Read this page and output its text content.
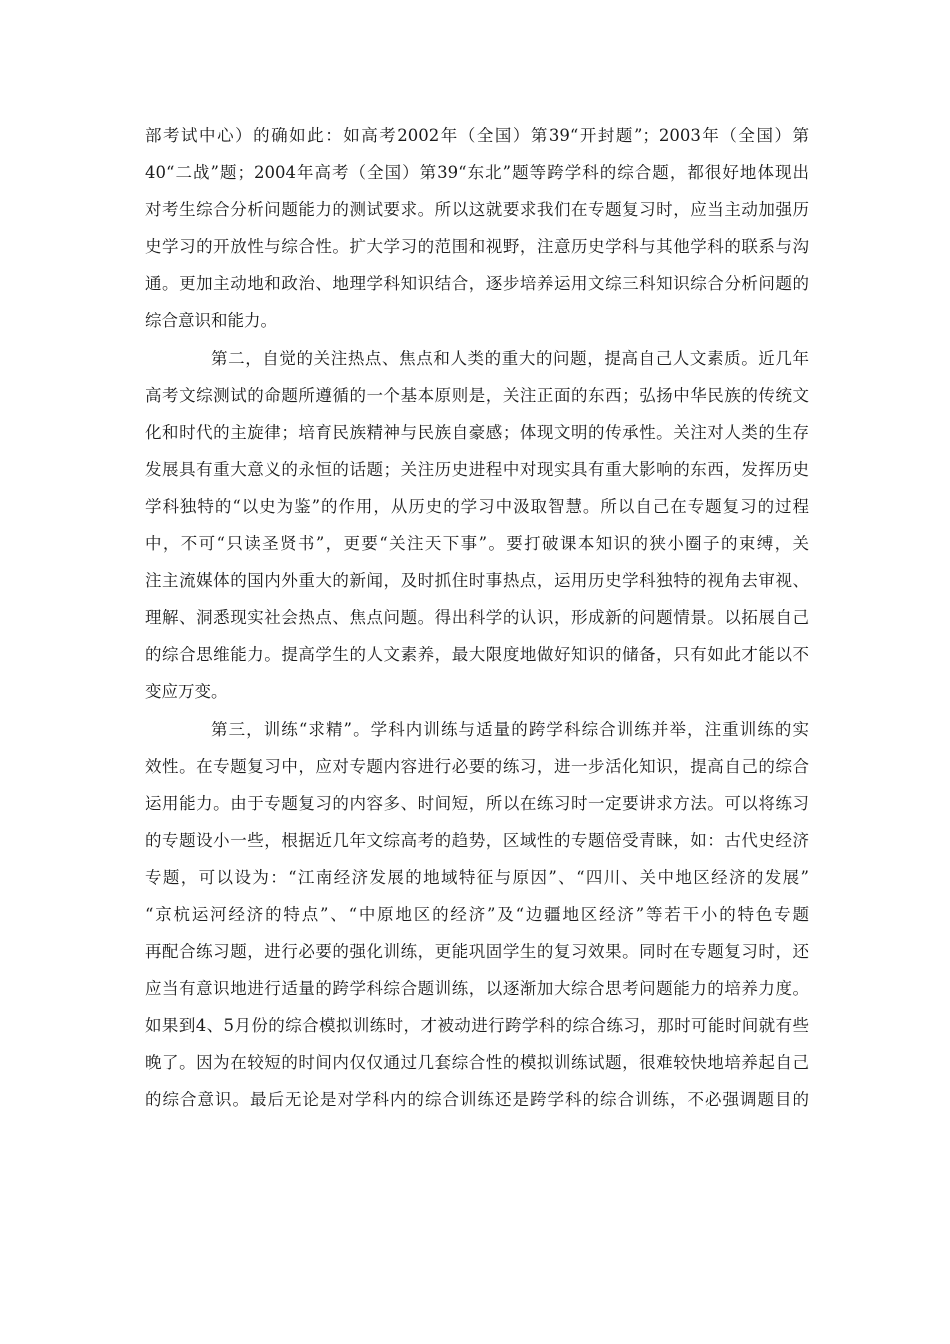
部考试中心）的确如此：如高考2002年（全国）第39“开封题”；2003年（全国）第
40“二战”题；2004年高考（全国）第39“东北”题等跨学科的综合题，都很好地体现出
对考生综合分析问题能力的测试要求。所以这就要求我们在专题复习时，应当主动加强历
史学习的开放性与综合性。扩大学习的范围和视野，注意历史学科与其他学科的联系与沟
通。更加主动地和政治、地理学科知识结合，逐步培养运用文综三科知识综合分析问题的
综合意识和能力。
第二，自觉的关注热点、焦点和人类的重大的问题，提高自己人文素质。近几年
高考文综测试的命题所遵循的一个基本原则是，关注正面的东西；弘扬中华民族的传统文
化和时代的主旋律；培育民族精神与民族自豪感；体现文明的传承性。关注对人类的生存
发展具有重大意义的永恒的话题；关注历史进程中对现实具有重大影响的东西，发挥历史
学科独特的“以史为鉴”的作用，从历史的学习中汲取智慧。所以自己在专题复习的过程
中，不可“只读圣贤书”，更要“关注天下事”。要打破课本知识的狭小圈子的束缚，关
注主流媒体的国内外重大的新闻，及时抓住时事热点，运用历史学科独特的视角去审视、
理解、洞悉现实社会热点、焦点问题。得出科学的认识，形成新的问题情景。以拓展自己
的综合思维能力。提高学生的人文素养，最大限度地做好知识的储备，只有如此才能以不
变应万变。
第三，训练“求精”。学科内训练与适量的跨学科综合训练并举，注重训练的实
效性。在专题复习中，应对专题内容进行必要的练习，进一步活化知识，提高自己的综合
运用能力。由于专题复习的内容多、时间短，所以在练习时一定要讲求方法。可以将练习
的专题设小一些，根据近几年文综高考的趋势，区域性的专题倍受青睐，如：古代史经济
专题，可以设为：“江南经济发展的地域特征与原因”、“四川、关中地区经济的发展”
“京杭运河经济的特点”、“中原地区的经济”及“边疆地区经济”等若干小的特色专题
再配合练习题，进行必要的强化训练，更能巩固学生的复习效果。同时在专题复习时，还
应当有意识地进行适量的跨学科综合题训练，以逐渐加大综合思考问题能力的培养力度。
如果到4、5月份的综合模拟训练时，才被动进行跨学科的综合练习，那时可能时间就有些
晚了。因为在较短的时间内仅仅通过几套综合性的模拟训练试题，很难较快地培养起自己
的综合意识。最后无论是对学科内的综合训练还是跨学科的综合训练，不必强调题目的
